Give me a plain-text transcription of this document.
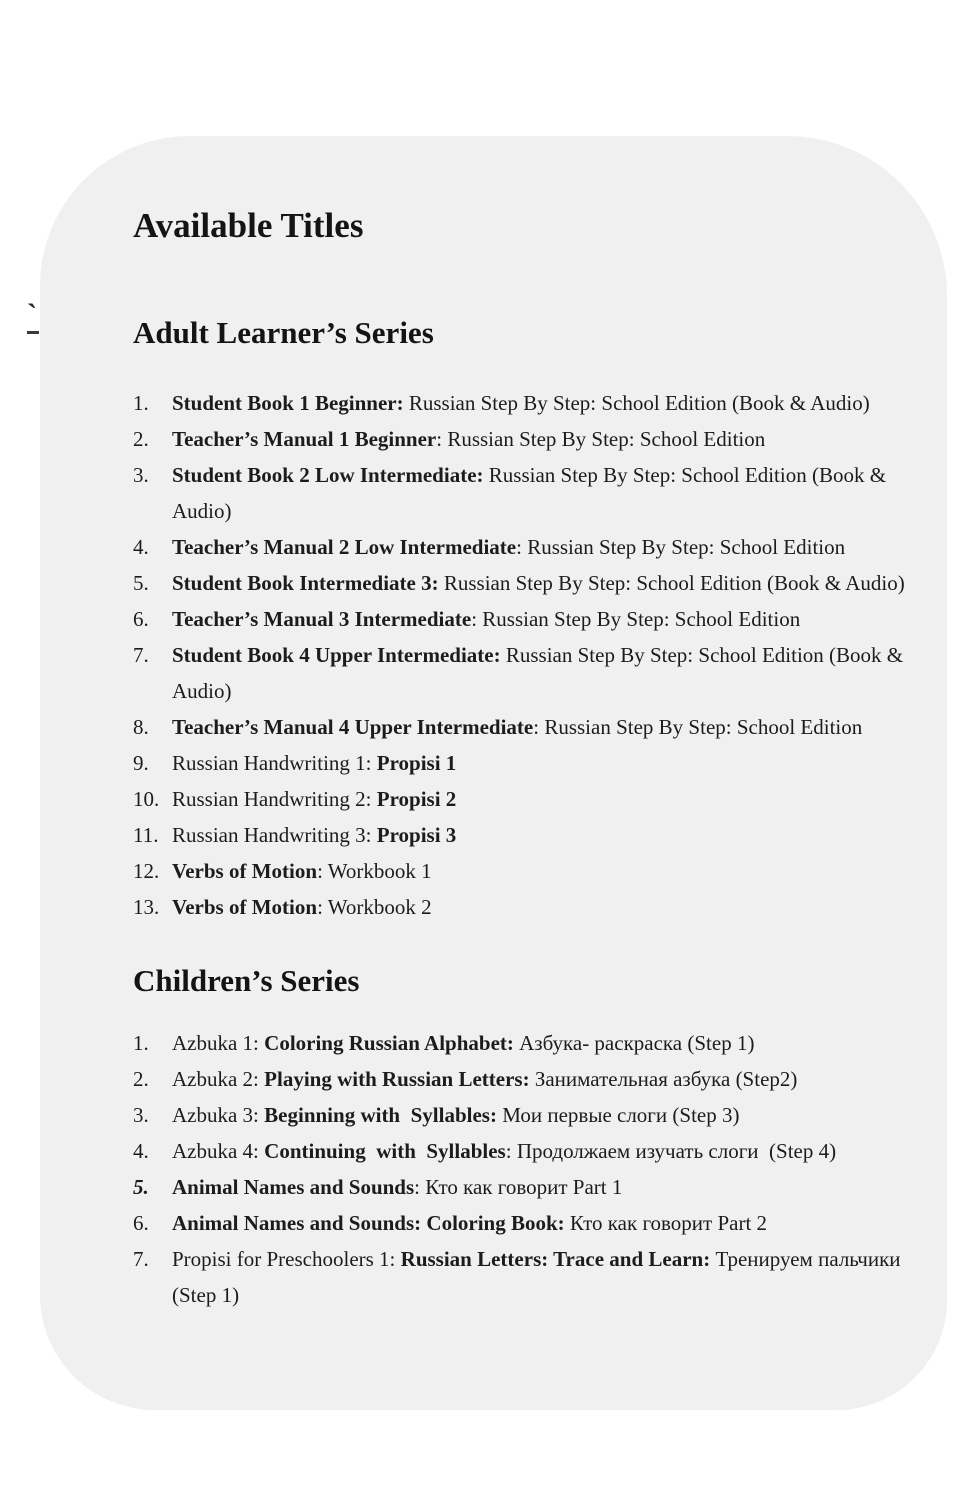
`
Available Titles
Adult Learner’s Series
1. Student Book 1 Beginner: Russian Step By Step: School Edition (Book & Audio)
2. Teacher’s Manual 1 Beginner: Russian Step By Step: School Edition
3. Student Book 2 Low Intermediate: Russian Step By Step: School Edition (Book &
Audio)
4. Teacher’s Manual 2 Low Intermediate: Russian Step By Step: School Edition
5. Student Book Intermediate 3: Russian Step By Step: School Edition (Book & Audio)
6. Teacher’s Manual 3 Intermediate: Russian Step By Step: School Edition
7. Student Book 4 Upper Intermediate: Russian Step By Step: School Edition (Book &
Audio)
8. Teacher’s Manual 4 Upper Intermediate: Russian Step By Step: School Edition
9. Russian Handwriting 1: Propisi 1
10. Russian Handwriting 2: Propisi 2
11. Russian Handwriting 3: Propisi 3
12. Verbs of Motion: Workbook 1
13. Verbs of Motion: Workbook 2
Children’s Series
1. Azbuka 1: Coloring Russian Alphabet: Азбука- раскраска (Step 1)
2. Azbuka 2: Playing with Russian Letters: Занимательная азбука (Step2)
3. Azbuka 3: Beginning with  Syllables: Мои первые слоги (Step 3)
4. Azbuka 4: Continuing  with  Syllables: Продолжаем изучать слоги  (Step 4)
5. Animal Names and Sounds: Кто как говорит Part 1
6. Animal Names and Sounds: Coloring Book: Кто как говорит Part 2
7. Propisi for Preschoolers 1: Russian Letters: Trace and Learn: Тренируем пальчики
(Step 1)
